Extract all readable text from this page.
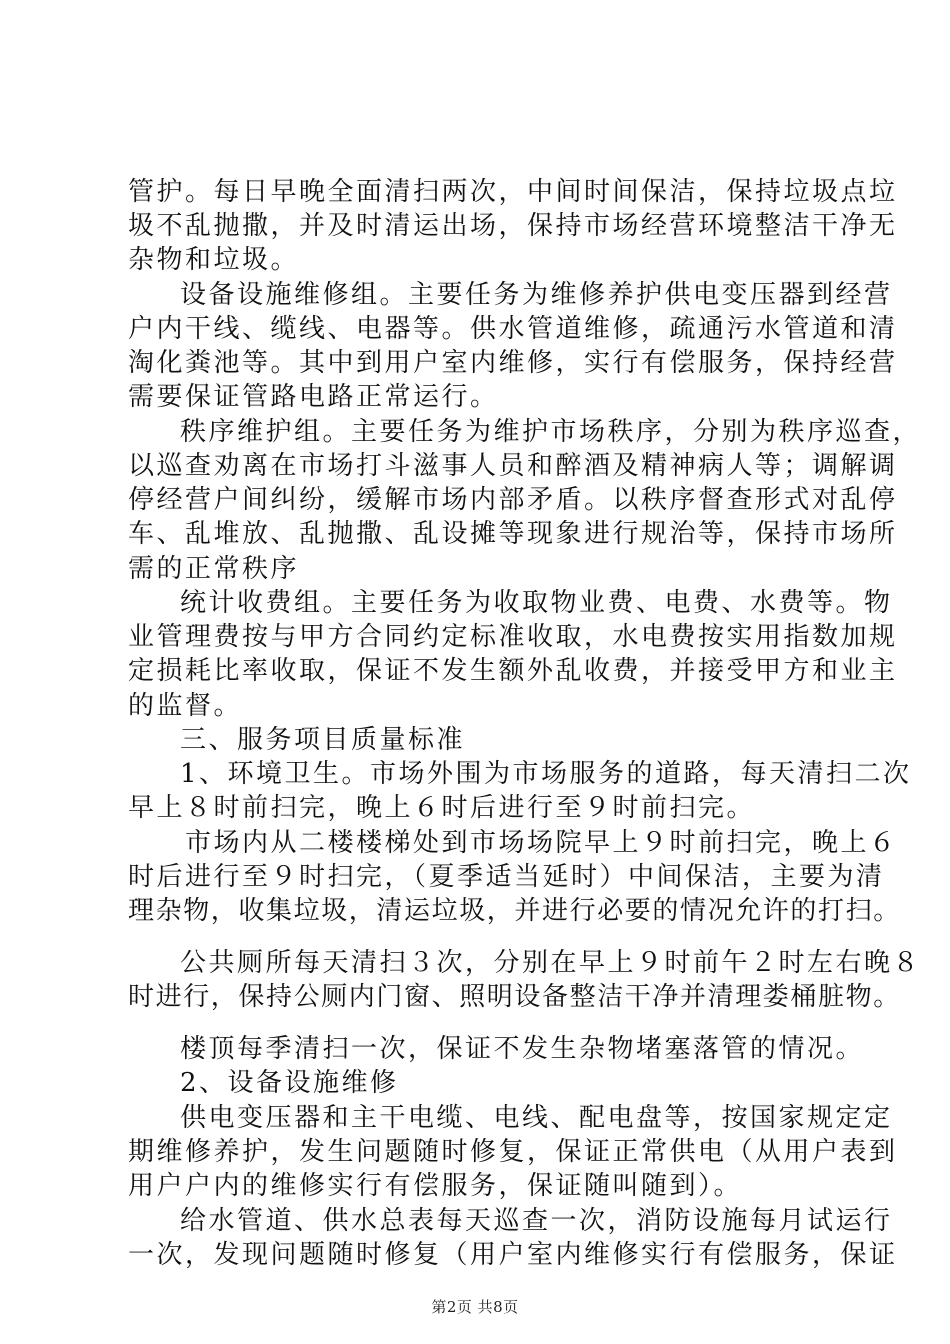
管护。每日早晚全面清扫两次，中间时间保洁，保持垃圾点垃
圾不乱抛撒，并及时清运出场，保持市场经营环境整洁干净无
杂物和垃圾。
设备设施维修组。主要任务为维修养护供电变压器到经营
户内干线、缆线、电器等。供水管道维修，疏通污水管道和清
淘化粪池等。其中到用户室内维修，实行有偿服务，保持经营
需要保证管路电路正常运行。
秩序维护组。主要任务为维护市场秩序，分别为秩序巡查，
以巡查劝离在市场打斗滋事人员和醉酒及精神病人等；调解调
停经营户间纠纷，缓解市场内部矛盾。以秩序督查形式对乱停
车、乱堆放、乱抛撒、乱设摊等现象进行规治等，保持市场所
需的正常秩序
统计收费组。主要任务为收取物业费、电费、水费等。物
业管理费按与甲方合同约定标准收取，水电费按实用指数加规
定损耗比率收取，保证不发生额外乱收费，并接受甲方和业主
的监督。
三、服务项目质量标准
1、环境卫生。市场外围为市场服务的道路，每天清扫二次
早上８时前扫完，晚上６时后进行至９时前扫完。
市场内从二楼楼梯处到市场场院早上９时前扫完，晚上６
时后进行至９时扫完，（夏季适当延时）中间保洁，主要为清
理杂物，收集垃圾，清运垃圾，并进行必要的情况允许的打扫。
公共厕所每天清扫３次，分别在早上９时前午２时左右晚８
时进行，保持公厕内门窗、照明设备整洁干净并清理娄桶脏物。
楼顶每季清扫一次，保证不发生杂物堵塞落管的情况。
2、设备设施维修
供电变压器和主干电缆、电线、配电盘等，按国家规定定
期维修养护，发生问题随时修复，保证正常供电（从用户表到
用户户内的维修实行有偿服务，保证随叫随到）。
给水管道、供水总表每天巡查一次，消防设施每月试运行
一次，发现问题随时修复（用户室内维修实行有偿服务，保证
第2页 共8页
